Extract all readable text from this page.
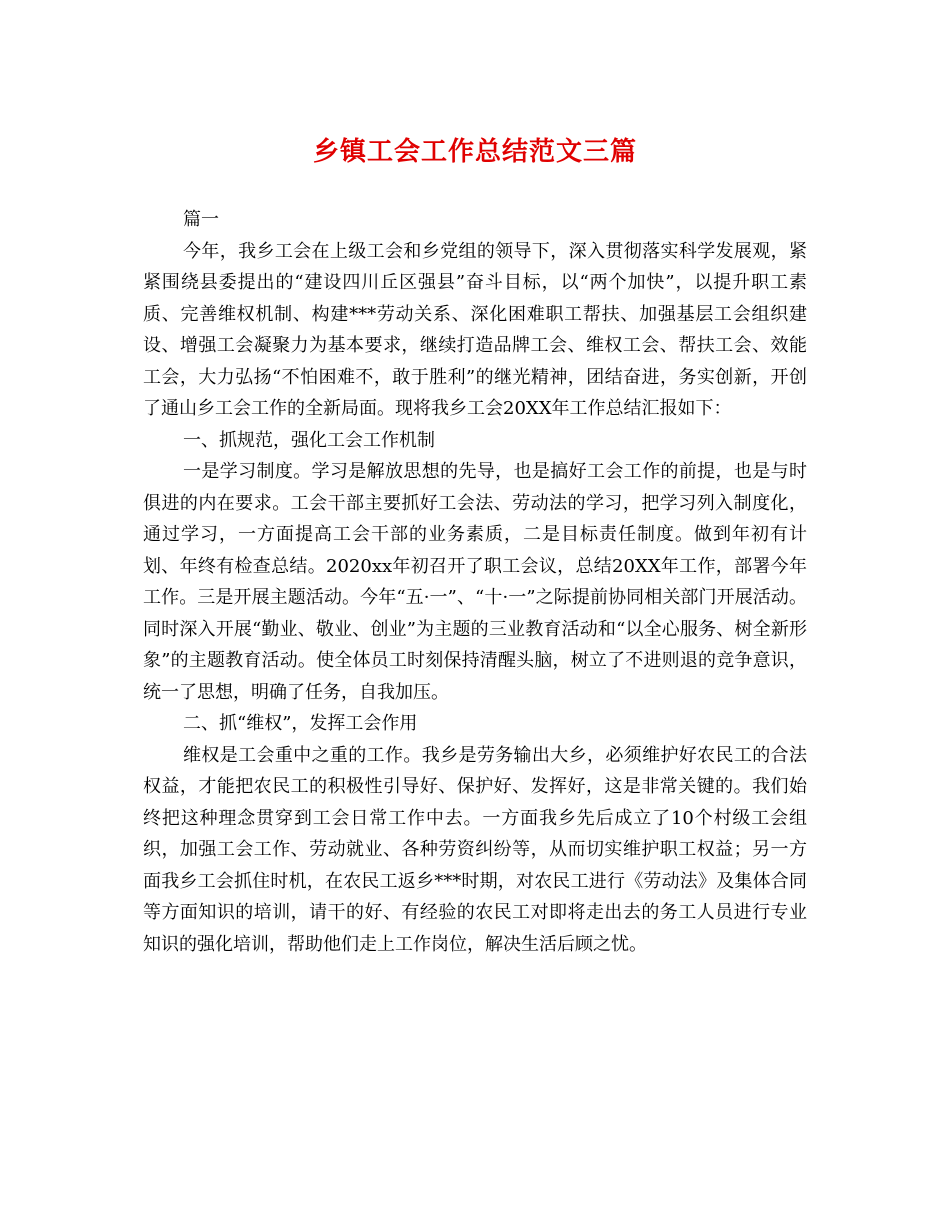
乡镇工会工作总结范文三篇

篇一

今年，我乡工会在上级工会和乡党组的领导下，深入贯彻落实科学发展观，紧紧围绕县委提出的“建设四川丘区强县”奋斗目标，以“两个加快”，以提升职工素质、完善维权机制、构建***劳动关系、深化困难职工帮扶、加强基层工会组织建设、增强工会凝聚力为基本要求，继续打造品牌工会、维权工会、帮扶工会、效能工会，大力弘扬“不怕困难不，敢于胜利”的继光精神，团结奋进，务实创新，开创了通山乡工会工作的全新局面。现将我乡工会20XX年工作总结汇报如下：

一、抓规范，强化工会工作机制

一是学习制度。学习是解放思想的先导，也是搞好工会工作的前提，也是与时俱进的内在要求。工会干部主要抓好工会法、劳动法的学习，把学习列入制度化，通过学习，一方面提高工会干部的业务素质，二是目标责任制度。做到年初有计划、年终有检查总结。2020xx年初召开了职工会议，总结20XX年工作，部署今年工作。三是开展主题活动。今年“五·一”、“十·一”之际提前协同相关部门开展活动。同时深入开展“勤业、敬业、创业”为主题的三业教育活动和“以全心服务、树全新形象”的主题教育活动。使全体员工时刻保持清醒头脑，树立了不进则退的竞争意识，统一了思想，明确了任务，自我加压。

二、抓“维权”，发挥工会作用

维权是工会重中之重的工作。我乡是劳务输出大乡，必须维护好农民工的合法权益，才能把农民工的积极性引导好、保护好、发挥好，这是非常关键的。我们始终把这种理念贯穿到工会日常工作中去。一方面我乡先后成立了10个村级工会组织，加强工会工作、劳动就业、各种劳资纠纷等，从而切实维护职工权益；另一方面我乡工会抓住时机，在农民工返乡***时期，对农民工进行《劳动法》及集体合同等方面知识的培训，请干的好、有经验的农民工对即将走出去的务工人员进行专业知识的强化培训，帮助他们走上工作岗位，解决生活后顾之忧。
